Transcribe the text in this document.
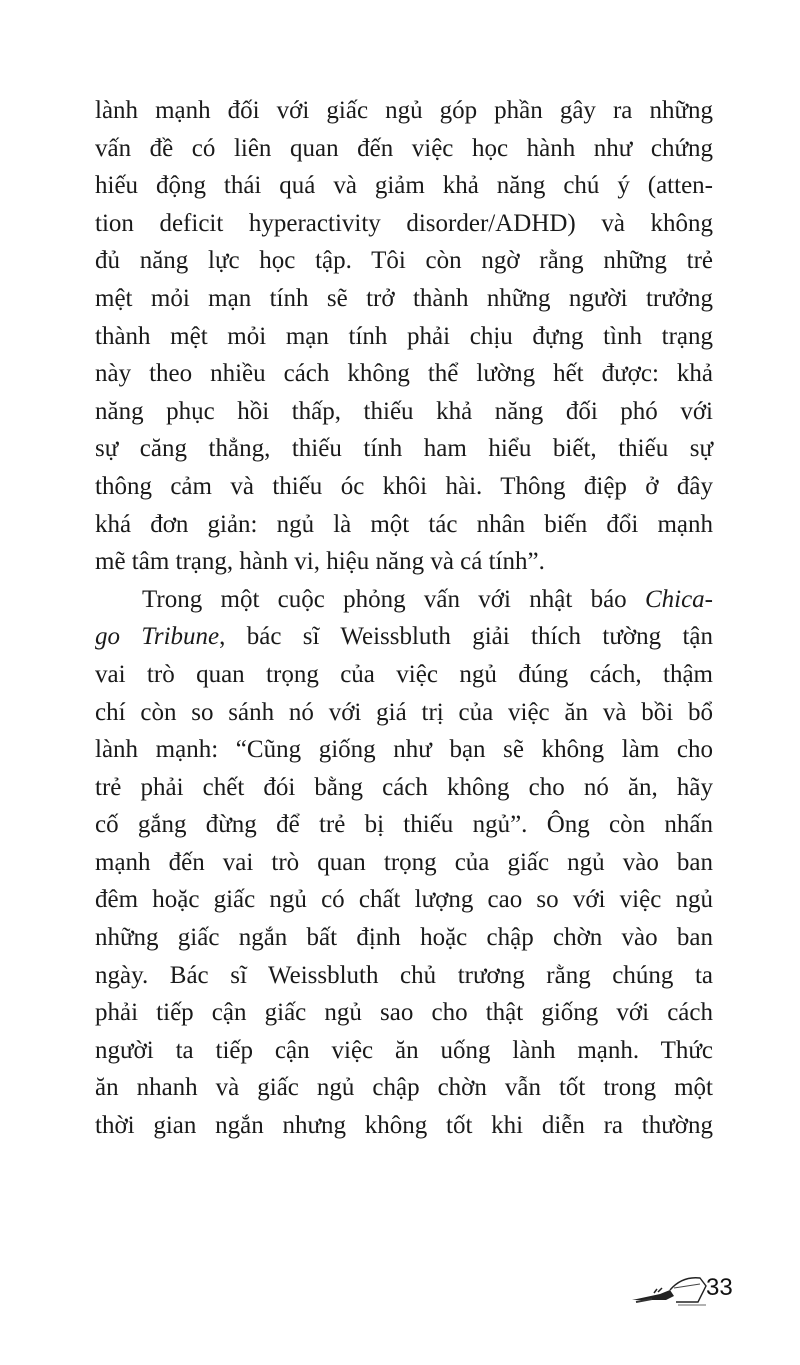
lành mạnh đối với giấc ngủ góp phần gây ra những
vấn đề có liên quan đến việc học hành như chứng
hiếu động thái quá và giảm khả năng chú ý (atten-
tion deficit hyperactivity disorder/ADHD) và không
đủ năng lực học tập. Tôi còn ngờ rằng những trẻ
mệt mỏi mạn tính sẽ trở thành những người trưởng
thành mệt mỏi mạn tính phải chịu đựng tình trạng
này theo nhiều cách không thể lường hết được: khả
năng phục hồi thấp, thiếu khả năng đối phó với
sự căng thẳng, thiếu tính ham hiểu biết, thiếu sự
thông cảm và thiếu óc khôi hài. Thông điệp ở đây
khá đơn giản: ngủ là một tác nhân biến đổi mạnh
mẽ tâm trạng, hành vi, hiệu năng và cá tính”.
Trong một cuộc phỏng vấn với nhật báo Chica-
go Tribune, bác sĩ Weissbluth giải thích tường tận
vai trò quan trọng của việc ngủ đúng cách, thậm
chí còn so sánh nó với giá trị của việc ăn và bồi bổ
lành mạnh: “Cũng giống như bạn sẽ không làm cho
trẻ phải chết đói bằng cách không cho nó ăn, hãy
cố gắng đừng để trẻ bị thiếu ngủ”. Ông còn nhấn
mạnh đến vai trò quan trọng của giấc ngủ vào ban
đêm hoặc giấc ngủ có chất lượng cao so với việc ngủ
những giấc ngắn bất định hoặc chập chờn vào ban
ngày. Bác sĩ Weissbluth chủ trương rằng chúng ta
phải tiếp cận giấc ngủ sao cho thật giống với cách
người ta tiếp cận việc ăn uống lành mạnh. Thức
ăn nhanh và giấc ngủ chập chờn vẫn tốt trong một
thời gian ngắn nhưng không tốt khi diễn ra thường
33
